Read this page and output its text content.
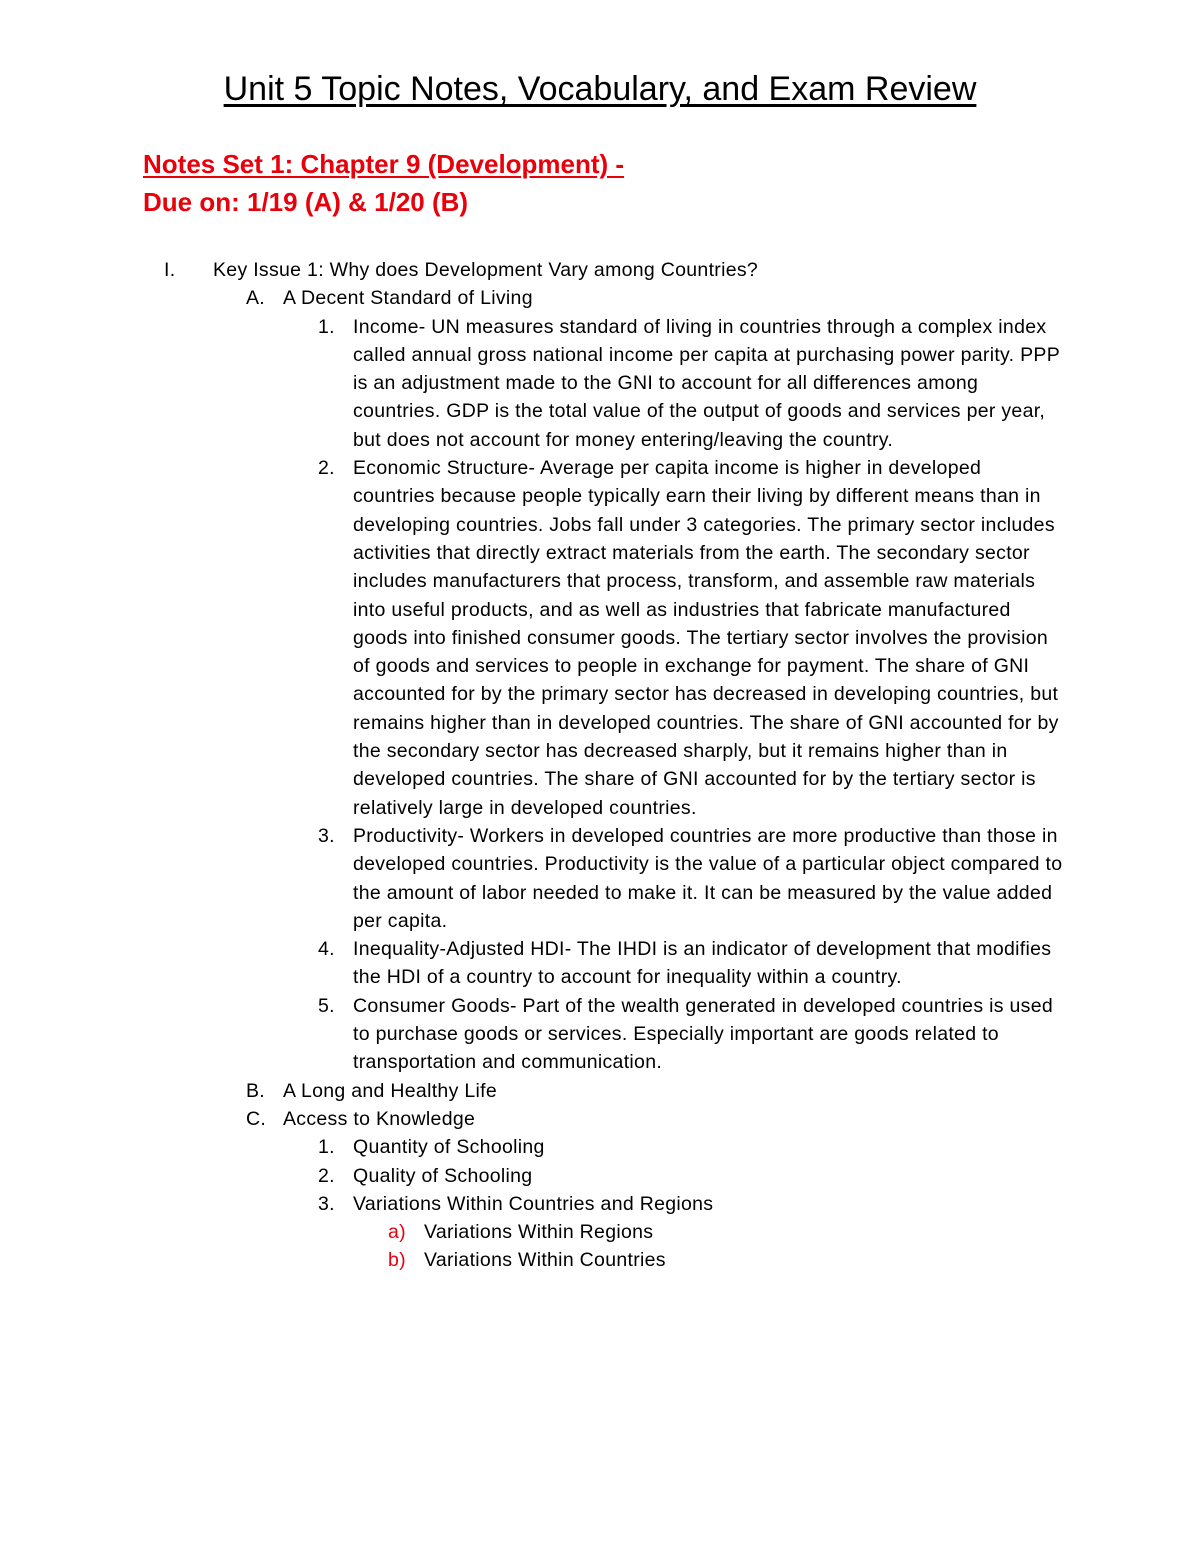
Unit 5 Topic Notes, Vocabulary, and Exam Review
Notes Set 1: Chapter 9 (Development) -
Due on: 1/19 (A) & 1/20 (B)

I. Key Issue 1: Why does Development Vary among Countries?

A. A Decent Standard of Living

1. Income- UN measures standard of living in countries through a complex index called annual gross national income per capita at purchasing power parity. PPP is an adjustment made to the GNI to account for all differences among countries. GDP is the total value of the output of goods and services per year, but does not account for money entering/leaving the country.

2. Economic Structure- Average per capita income is higher in developed countries because people typically earn their living by different means than in developing countries. Jobs fall under 3 categories. The primary sector includes activities that directly extract materials from the earth. The secondary sector includes manufacturers that process, transform, and assemble raw materials into useful products, and as well as industries that fabricate manufactured goods into finished consumer goods. The tertiary sector involves the provision of goods and services to people in exchange for payment. The share of GNI accounted for by the primary sector has decreased in developing countries, but remains higher than in developed countries. The share of GNI accounted for by the secondary sector has decreased sharply, but it remains higher than in developed countries. The share of GNI accounted for by the tertiary sector is relatively large in developed countries.

3. Productivity- Workers in developed countries are more productive than those in developed countries. Productivity is the value of a particular object compared to the amount of labor needed to make it. It can be measured by the value added per capita.

4. Inequality-Adjusted HDI- The IHDI is an indicator of development that modifies the HDI of a country to account for inequality within a country.

5. Consumer Goods- Part of the wealth generated in developed countries is used to purchase goods or services. Especially important are goods related to transportation and communication.

B. A Long and Healthy Life

C. Access to Knowledge

1. Quantity of Schooling

2. Quality of Schooling

3. Variations Within Countries and Regions

a) Variations Within Regions

b) Variations Within Countries
